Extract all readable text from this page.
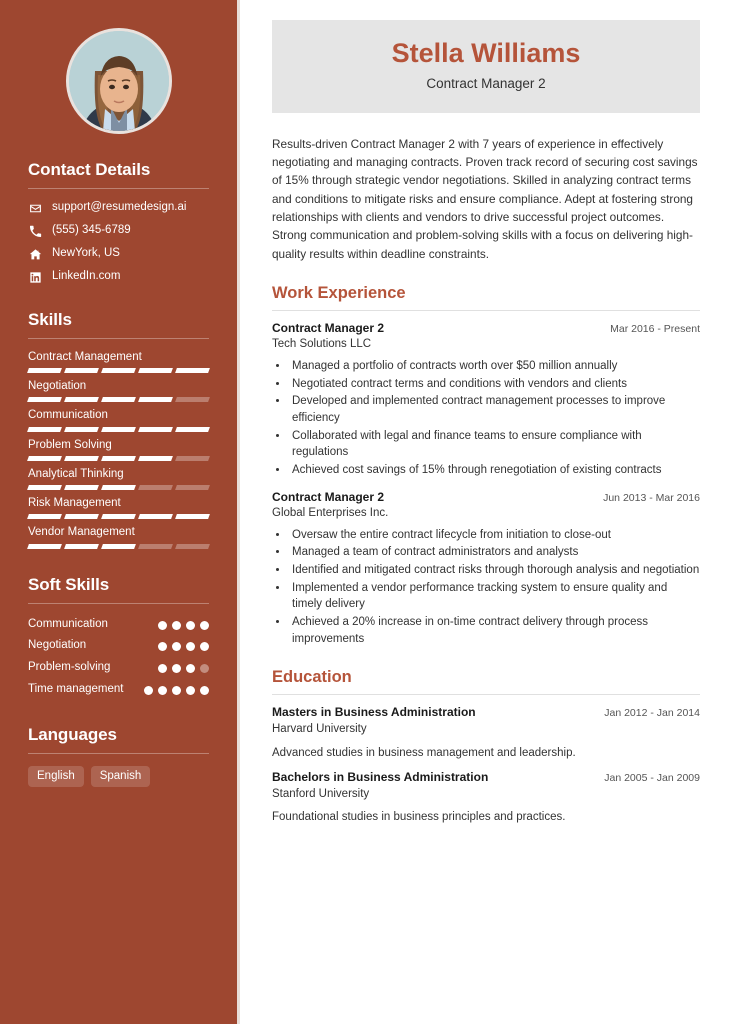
Contact Details
support@resumedesign.ai
(555) 345-6789
NewYork, US
LinkedIn.com
Skills
Contract Management
Negotiation
Communication
Problem Solving
Analytical Thinking
Risk Management
Vendor Management
Soft Skills
Communication
Negotiation
Problem-solving
Time management
Languages
English	Spanish
Stella Williams
Contract Manager 2

Results-driven Contract Manager 2 with 7 years of experience in effectively negotiating and managing contracts. Proven track record of securing cost savings of 15% through strategic vendor negotiations. Skilled in analyzing contract terms and conditions to mitigate risks and ensure compliance. Adept at fostering strong relationships with clients and vendors to drive successful project outcomes. Strong communication and problem-solving skills with a focus on delivering high-quality results within deadline constraints.

Work Experience
Contract Manager 2	Mar 2016 - Present
Tech Solutions LLC
• Managed a portfolio of contracts worth over $50 million annually
• Negotiated contract terms and conditions with vendors and clients
• Developed and implemented contract management processes to improve efficiency
• Collaborated with legal and finance teams to ensure compliance with regulations
• Achieved cost savings of 15% through renegotiation of existing contracts
Contract Manager 2	Jun 2013 - Mar 2016
Global Enterprises Inc.
• Oversaw the entire contract lifecycle from initiation to close-out
• Managed a team of contract administrators and analysts
• Identified and mitigated contract risks through thorough analysis and negotiation
• Implemented a vendor performance tracking system to ensure quality and timely delivery
• Achieved a 20% increase in on-time contract delivery through process improvements
Education
Masters in Business Administration	Jan 2012 - Jan 2014
Harvard University
Advanced studies in business management and leadership.
Bachelors in Business Administration	Jan 2005 - Jan 2009
Stanford University
Foundational studies in business principles and practices.
